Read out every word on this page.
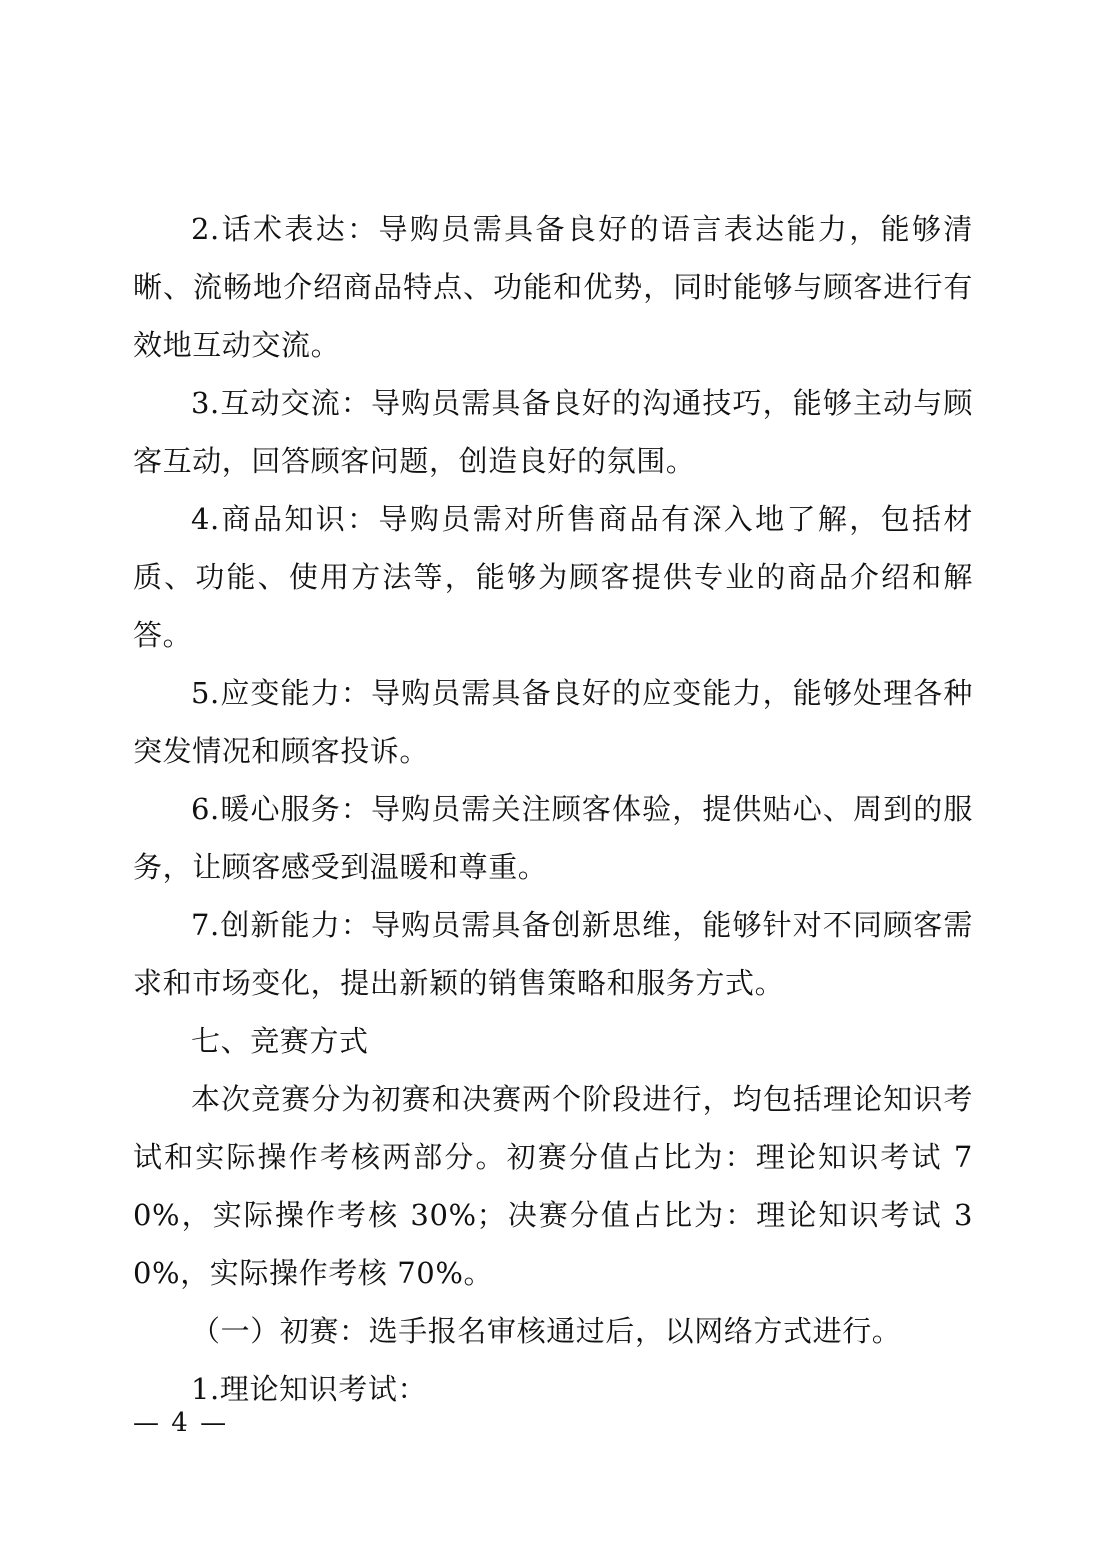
2.话术表达：导购员需具备良好的语言表达能力，能够清晰、流畅地介绍商品特点、功能和优势，同时能够与顾客进行有效地互动交流。

3.互动交流：导购员需具备良好的沟通技巧，能够主动与顾客互动，回答顾客问题，创造良好的氛围。

4.商品知识：导购员需对所售商品有深入地了解，包括材质、功能、使用方法等，能够为顾客提供专业的商品介绍和解答。

5.应变能力：导购员需具备良好的应变能力，能够处理各种突发情况和顾客投诉。

6.暖心服务：导购员需关注顾客体验，提供贴心、周到的服务，让顾客感受到温暖和尊重。

7.创新能力：导购员需具备创新思维，能够针对不同顾客需求和市场变化，提出新颖的销售策略和服务方式。

七、竞赛方式

本次竞赛分为初赛和决赛两个阶段进行，均包括理论知识考试和实际操作考核两部分。初赛分值占比为：理论知识考试 70%，实际操作考核 30%；决赛分值占比为：理论知识考试 30%，实际操作考核 70%。

（一）初赛：选手报名审核通过后，以网络方式进行。

1.理论知识考试：

— 4 —
